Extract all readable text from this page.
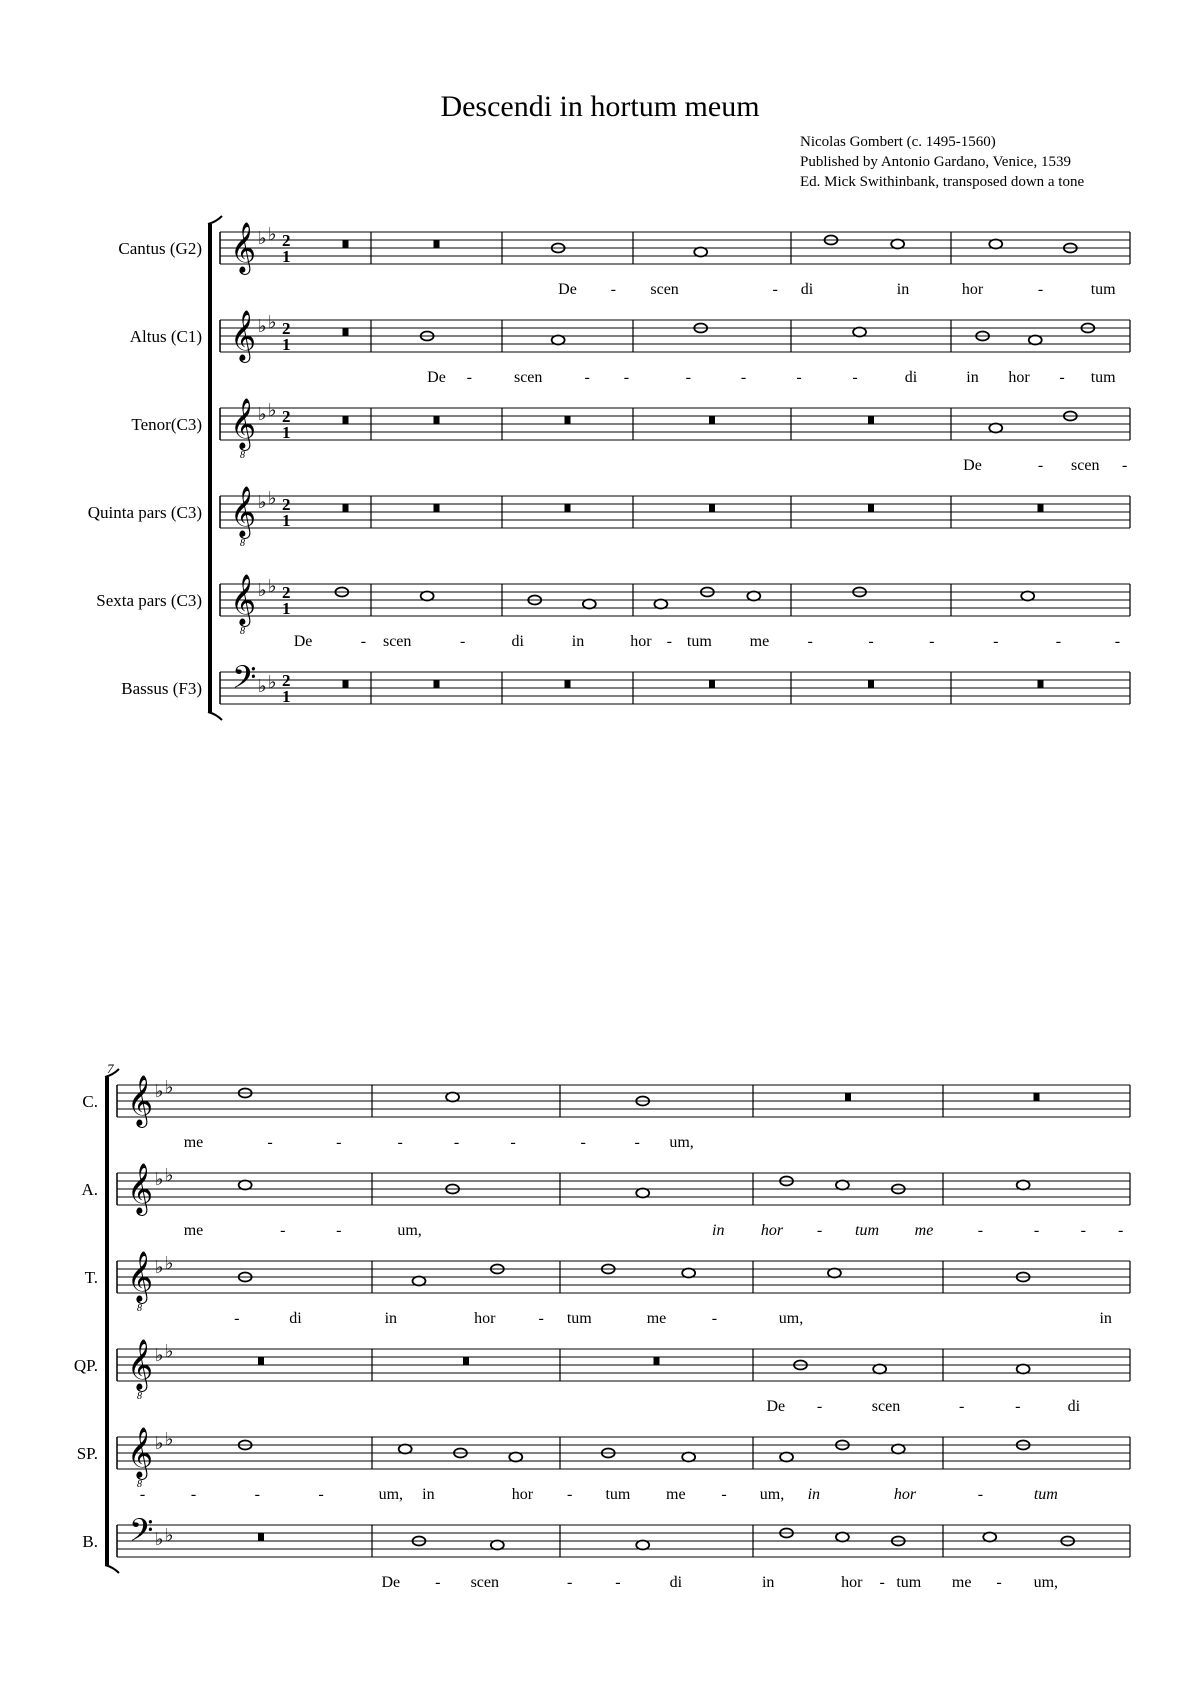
Descendi in hortum meum
Nicolas Gombert (c. 1495-1560)
Published by Antonio Gardano, Venice, 1539
Ed. Mick Swithinbank, transposed down a tone
Cantus (G2) 𝄞 ♭ ♭ 2
1
De - scen	- di	in	hor	-	tum
Altus (C1) 𝄞 ♭ ♭ 2
1
De -	scen	- -	-	-	-	-	di	in hor - tum
Tenor(C3) 𝄞
8
♭ ♭ 2
1
De	- scen -
Quinta pars (C3) 𝄞
8
♭ ♭ 2
1
Sexta pars (C3) 𝄞
8
♭ ♭ 2
1
De	- scen	-	di	in	hor - tum me -	-	-	-	-	-
Bassus (F3) 𝄢 ♭ ♭ 2
1
7
C. 𝄞 ♭ ♭
me	-	-	-	-	-	-	- um,
A. 𝄞 ♭ ♭
me	-	-	um,	in hor - tum me	-	-	- -
T. 𝄞
8
♭ ♭
-	di	in	hor	- tum	me	-	um,	in
QP. 𝄞
8
♭ ♭
De -	scen	-	-	di
SP. 𝄞
8
♭ ♭
-	-	-	-	um, in	hor - tum me - um, in	hor	-	tum
B. 𝄢 ♭ ♭
De - scen	-	-	di	in	hor - tum me - um,
